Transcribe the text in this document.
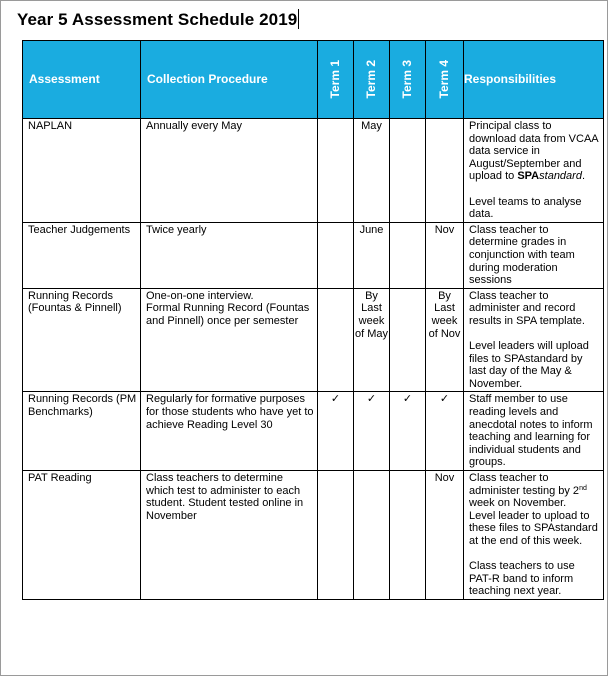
Year 5 Assessment Schedule 2019
Assessment	Collection Procedure	Term 1	Term 2	Term 3	Term 4	Responsibilities
NAPLAN	Annually every May		May			Principal class to download data from VCAA data service in August/September and upload to SPAstandard.
Level teams to analyse data.
Teacher Judgements	Twice yearly		June		Nov	Class teacher to determine grades in conjunction with team during moderation sessions
Running Records (Fountas & Pinnell)	One-on-one interview.
Formal Running Record (Fountas and Pinnell) once per semester		By Last week of May		By Last week of Nov	Class teacher to administer and record results in SPA template.
Level leaders will upload files to SPAstandard by last day of the May & November.
Running Records (PM Benchmarks)	Regularly for formative purposes for those students who have yet to achieve Reading Level 30	✓	✓	✓	✓	Staff member to use reading levels and anecdotal notes to inform teaching and learning for individual students and groups.
PAT Reading	Class teachers to determine which test to administer to each student. Student tested online in November				Nov	Class teacher to administer testing by 2nd week on November.
Level leader to upload to these files to SPAstandard at the end of this week.
Class teachers to use PAT-R band to inform teaching next year.
